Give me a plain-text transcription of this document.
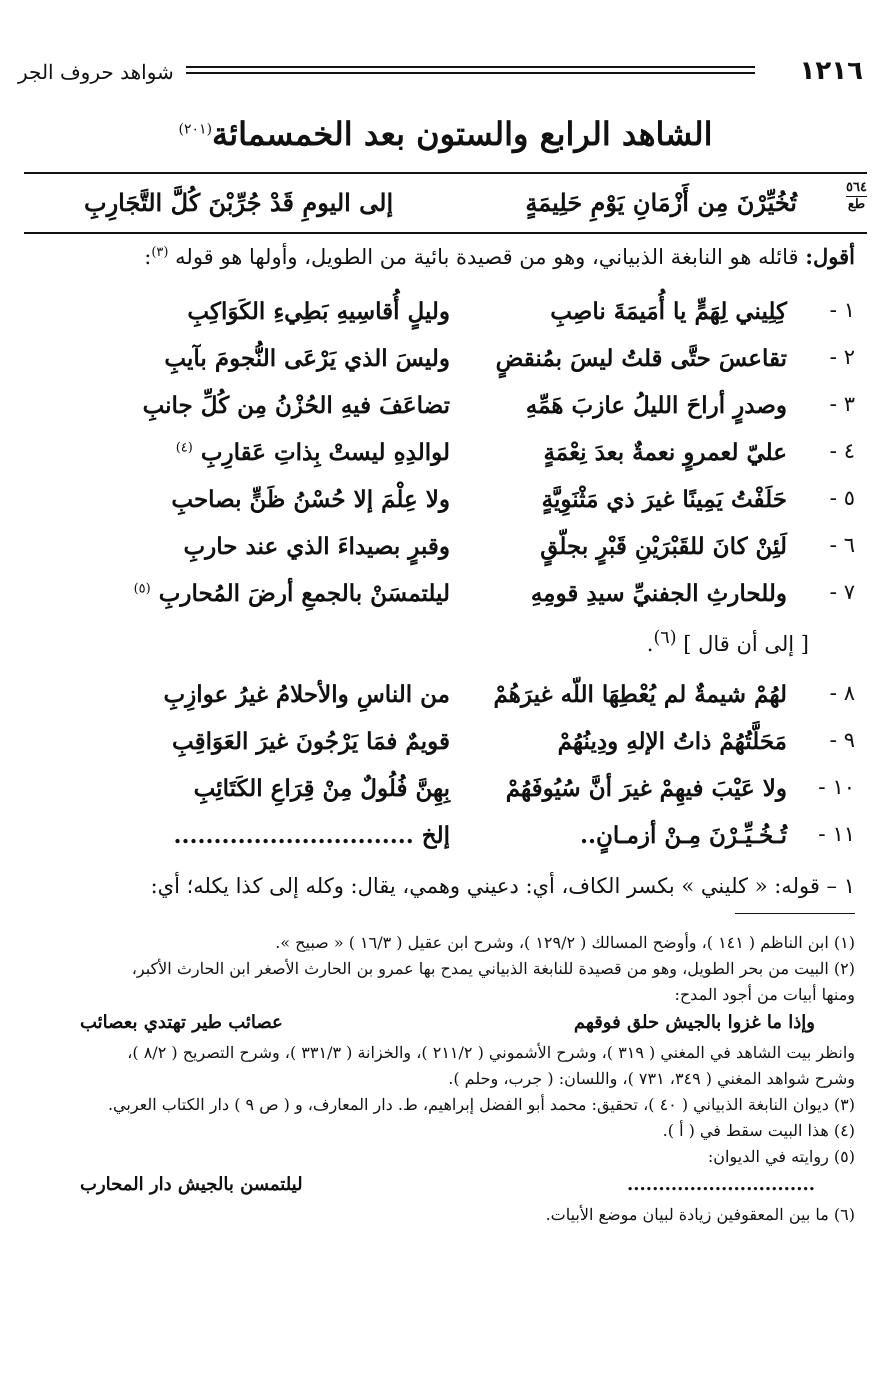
١٢١٦
شواهد حروف الجر
الشاهد الرابع والستون بعد الخمسمائة$^{(٢٠١)}$
٥٦٤
طع
تُخُيِّرْنَ مِن أَزْمَانِ يَوْمِ حَلِيمَةٍ
إلى اليومِ قَدْ جُرِّبْنَ كُلَّ التَّجَارِبِ
أقول: قائله هو النابغة الذبياني، وهو من قصيدة بائية من الطويل، وأولها هو قوله $^{(٣)}$:
١ -
كِلِيني لِهَمٍّ يا أُمَيمَةَ ناصِبِ
وليلٍ أُقاسِيهِ بَطِيءِ الكَوَاكِبِ
٢ -
تقاعسَ حتَّى قلتُ ليسَ بمُنقضٍ
وليسَ الذي يَرْعَى النُّجومَ بآيبِ
٣ -
وصدرٍ أراحَ الليلُ عازبَ هَمِّهِ
تضاعَفَ فيهِ الحُزْنُ مِن كُلِّ جانبِ
٤ -
عليّ لعمروٍ نعمةٌ بعدَ نِعْمَةٍ
لوالدِهِ ليستْ بِذاتِ عَقارِبِ $^{(٤)}$
٥ -
حَلَفْتُ يَمِينًا غيرَ ذي مَثْنَوِيَّةٍ
ولا عِلْمَ إلا حُسْنُ ظَنٍّ بصاحبِ
٦ -
لَئِنْ كانَ للقَبْرَيْنِ قَبْرٍ بجلّقٍ
وقبرٍ بصيداءَ الذي عند حاربِ
٧ -
وللحارثِ الجفنيِّ سيدِ قومِهِ
ليلتمسَنْ بالجمعِ أرضَ المُحاربِ $^{(٥)}$
[ إلى أن قال ] $^{(٦)}$.
٨ -
لهُمْ شيمةٌ لم يُعْطِهَا اللّه غيرَهُمْ
من الناسِ والأحلامُ غيرُ عوازِبِ
٩ -
مَحَلَّتُهُمْ ذاتُ الإلهِ ودِينُهُمْ
قويمٌ فمَا يَرْجُونَ غيرَ العَوَاقِبِ
١٠ -
ولا عَيْبَ فيهِمْ غيرَ أنَّ سُيُوفَهُمْ
بِهِنَّ فُلُولٌ مِنْ قِرَاعِ الكَتَائِبِ
١١ -
تُـخُـيِّـرْنَ مِـنْ أزمـانٍ..
إلخ ..............................
١ – قوله: « كليني » بكسر الكاف، أي: دعيني وهمي، يقال: وكله إلى كذا يكله؛ أي:
(١) ابن الناظم ( ١٤١ )، وأوضح المسالك ( ١٢٩/٢ )، وشرح ابن عقيل ( ١٦/٣ ) « صبيح ».
(٢) البيت من بحر الطويل، وهو من قصيدة للنابغة الذبياني يمدح بها عمرو بن الحارث الأصغر ابن الحارث الأكبر،
ومنها أبيات من أجود المدح:
وإذا ما غزوا بالجيش حلق فوقهم
عصائب طير تهتدي بعصائب
وانظر بيت الشاهد في المغني ( ٣١٩ )، وشرح الأشموني ( ٢١١/٢ )، والخزانة ( ٣٣١/٣ )، وشرح التصريح ( ٨/٢ )،
وشرح شواهد المغني ( ٣٤٩، ٧٣١ )، واللسان: ( جرب، وحلم ).
(٣) ديوان النابغة الذبياني ( ٤٠ )، تحقيق: محمد أبو الفضل إبراهيم، ط. دار المعارف، و ( ص ٩ ) دار الكتاب العربي.
(٤) هذا البيت سقط في ( أ ).
(٥) روايته في الديوان:
..............................
ليلتمسن بالجيش دار المحارب
(٦) ما بين المعقوفين زيادة لبيان موضع الأبيات.
